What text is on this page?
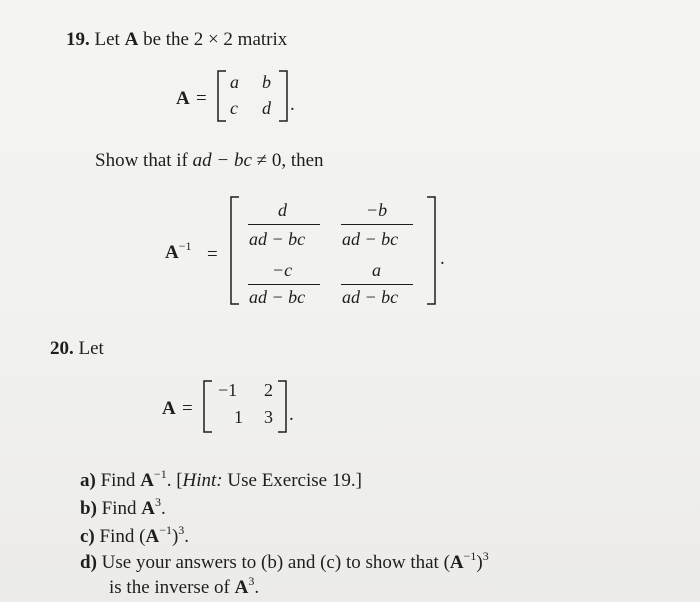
19. Let A be the 2 × 2 matrix
A =
a b
c d .
Show that if ad − bc ≠ 0, then
$A^{-1}$ =	.
d
ad − bc
−b
ad − bc
−c
ad − bc
a
ad − bc
20. Let
A =
−1 2
1 3 .
a) Find $A^{-1}$. [Hint: Use Exercise 19.]
b) Find $A^3$.
c) Find $(A^{-1})^3$.
d) Use your answers to (b) and (c) to show that $(A^{-1})^3$
is the inverse of $A^3$.
